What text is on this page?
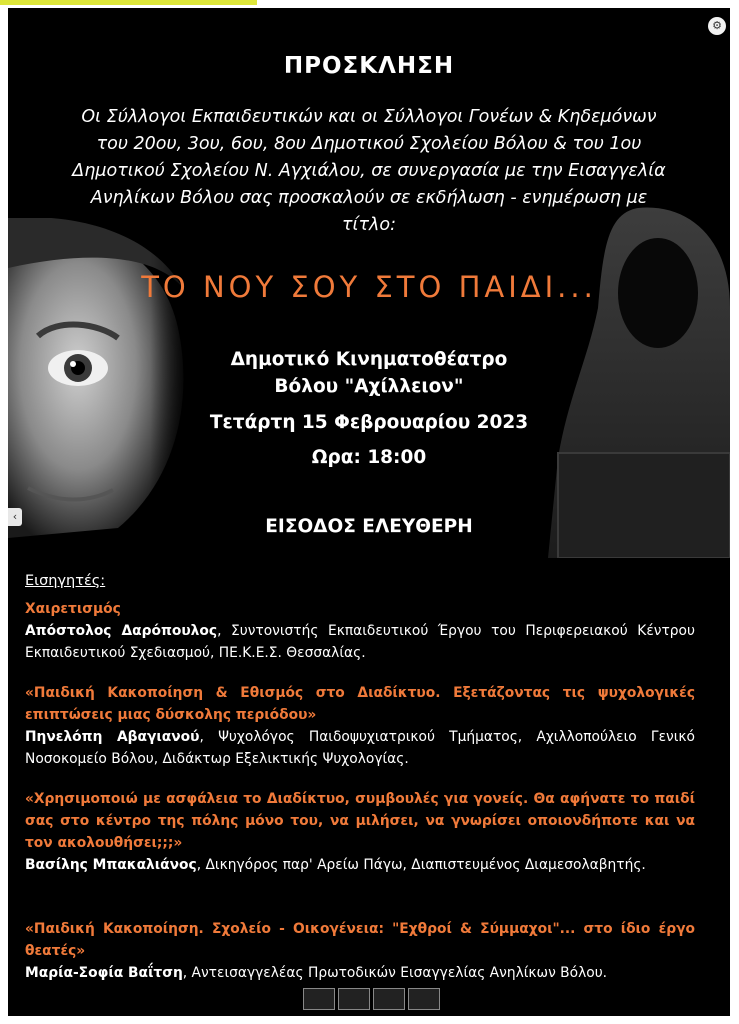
⚙
‹
ΠΡΟΣΚΛΗΣΗ
Οι Σύλλογοι Εκπαιδευτικών και οι Σύλλογοι Γονέων & Κηδεμόνων
του 20ου, 3ου, 6ου, 8ου Δημοτικού Σχολείου Βόλου & του 1ου
Δημοτικού Σχολείου Ν. Αγχιάλου, σε συνεργασία με την Εισαγγελία
Ανηλίκων Βόλου σας προσκαλούν σε εκδήλωση - ενημέρωση με
τίτλο:
ΤΟ ΝΟΥ ΣΟΥ ΣΤΟ ΠΑΙΔΙ...
Δημοτικό Κινηματοθέατρο
Βόλου "Αχίλλειον"
Τετάρτη 15 Φεβρουαρίου 2023
Ωρα: 18:00
ΕΙΣΟΔΟΣ ΕΛΕΥΘΕΡΗ
Εισηγητές:
Χαιρετισμός
Απόστολος Δαρόπουλος, Συντονιστής Εκπαιδευτικού Έργου του Περιφερειακού Κέντρου Εκπαιδευτικού Σχεδιασμού, ΠΕ.Κ.Ε.Σ. Θεσσαλίας.
«Παιδική Κακοποίηση & Εθισμός στο Διαδίκτυο. Εξετάζοντας τις ψυχολογικές επιπτώσεις μιας δύσκολης περιόδου»
Πηνελόπη Αβαγιανού, Ψυχολόγος Παιδοψυχιατρικού Τμήματος, Αχιλλοπούλειο Γενικό Νοσοκομείο Βόλου, Διδάκτωρ Εξελικτικής Ψυχολογίας.
«Χρησιμοποιώ με ασφάλεια το Διαδίκτυο, συμβουλές για γονείς. Θα αφήνατε το παιδί σας στο κέντρο της πόλης μόνο του, να μιλήσει, να γνωρίσει οποιονδήποτε και να τον ακολουθήσει;;;»
Βασίλης Μπακαλιάνος, Δικηγόρος παρ' Αρείω Πάγω, Διαπιστευμένος Διαμεσολαβητής.
«Παιδική Κακοποίηση. Σχολείο - Οικογένεια: "Εχθροί & Σύμμαχοι"... στο ίδιο έργο θεατές»
Μαρία-Σοφία Βαΐτση, Αντεισαγγελέας Πρωτοδικών Εισαγγελίας Ανηλίκων Βόλου.
